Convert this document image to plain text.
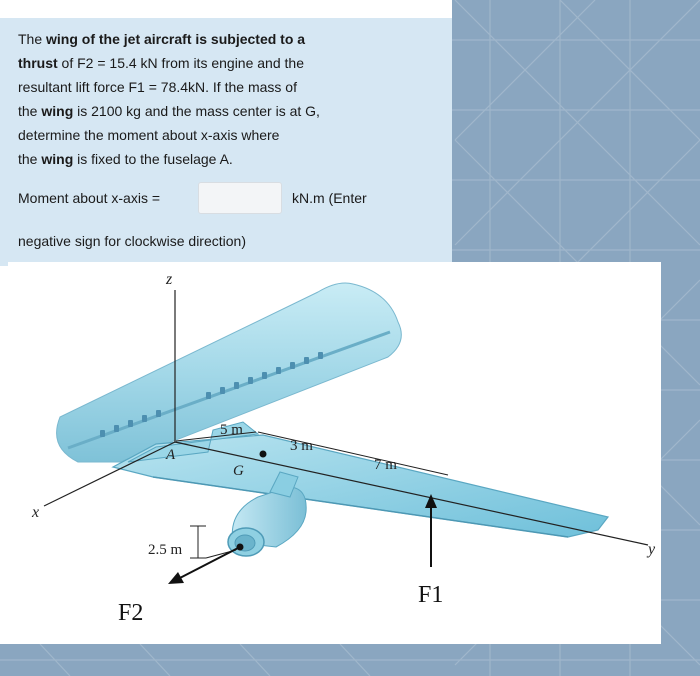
The wing of the jet aircraft is subjected to a
thrust of F2 = 15.4 kN from its engine and the
resultant lift force F1 = 78.4kN. If the mass of
the wing is 2100 kg and the mass center is at G,
determine the moment about x-axis where
the wing is fixed to the fuselage A.
Moment about x-axis =	kN.m (Enter
negative sign for clockwise direction)
z
x
y
A
G
5 m
3 m
7 m
2.5 m
F1
F2
